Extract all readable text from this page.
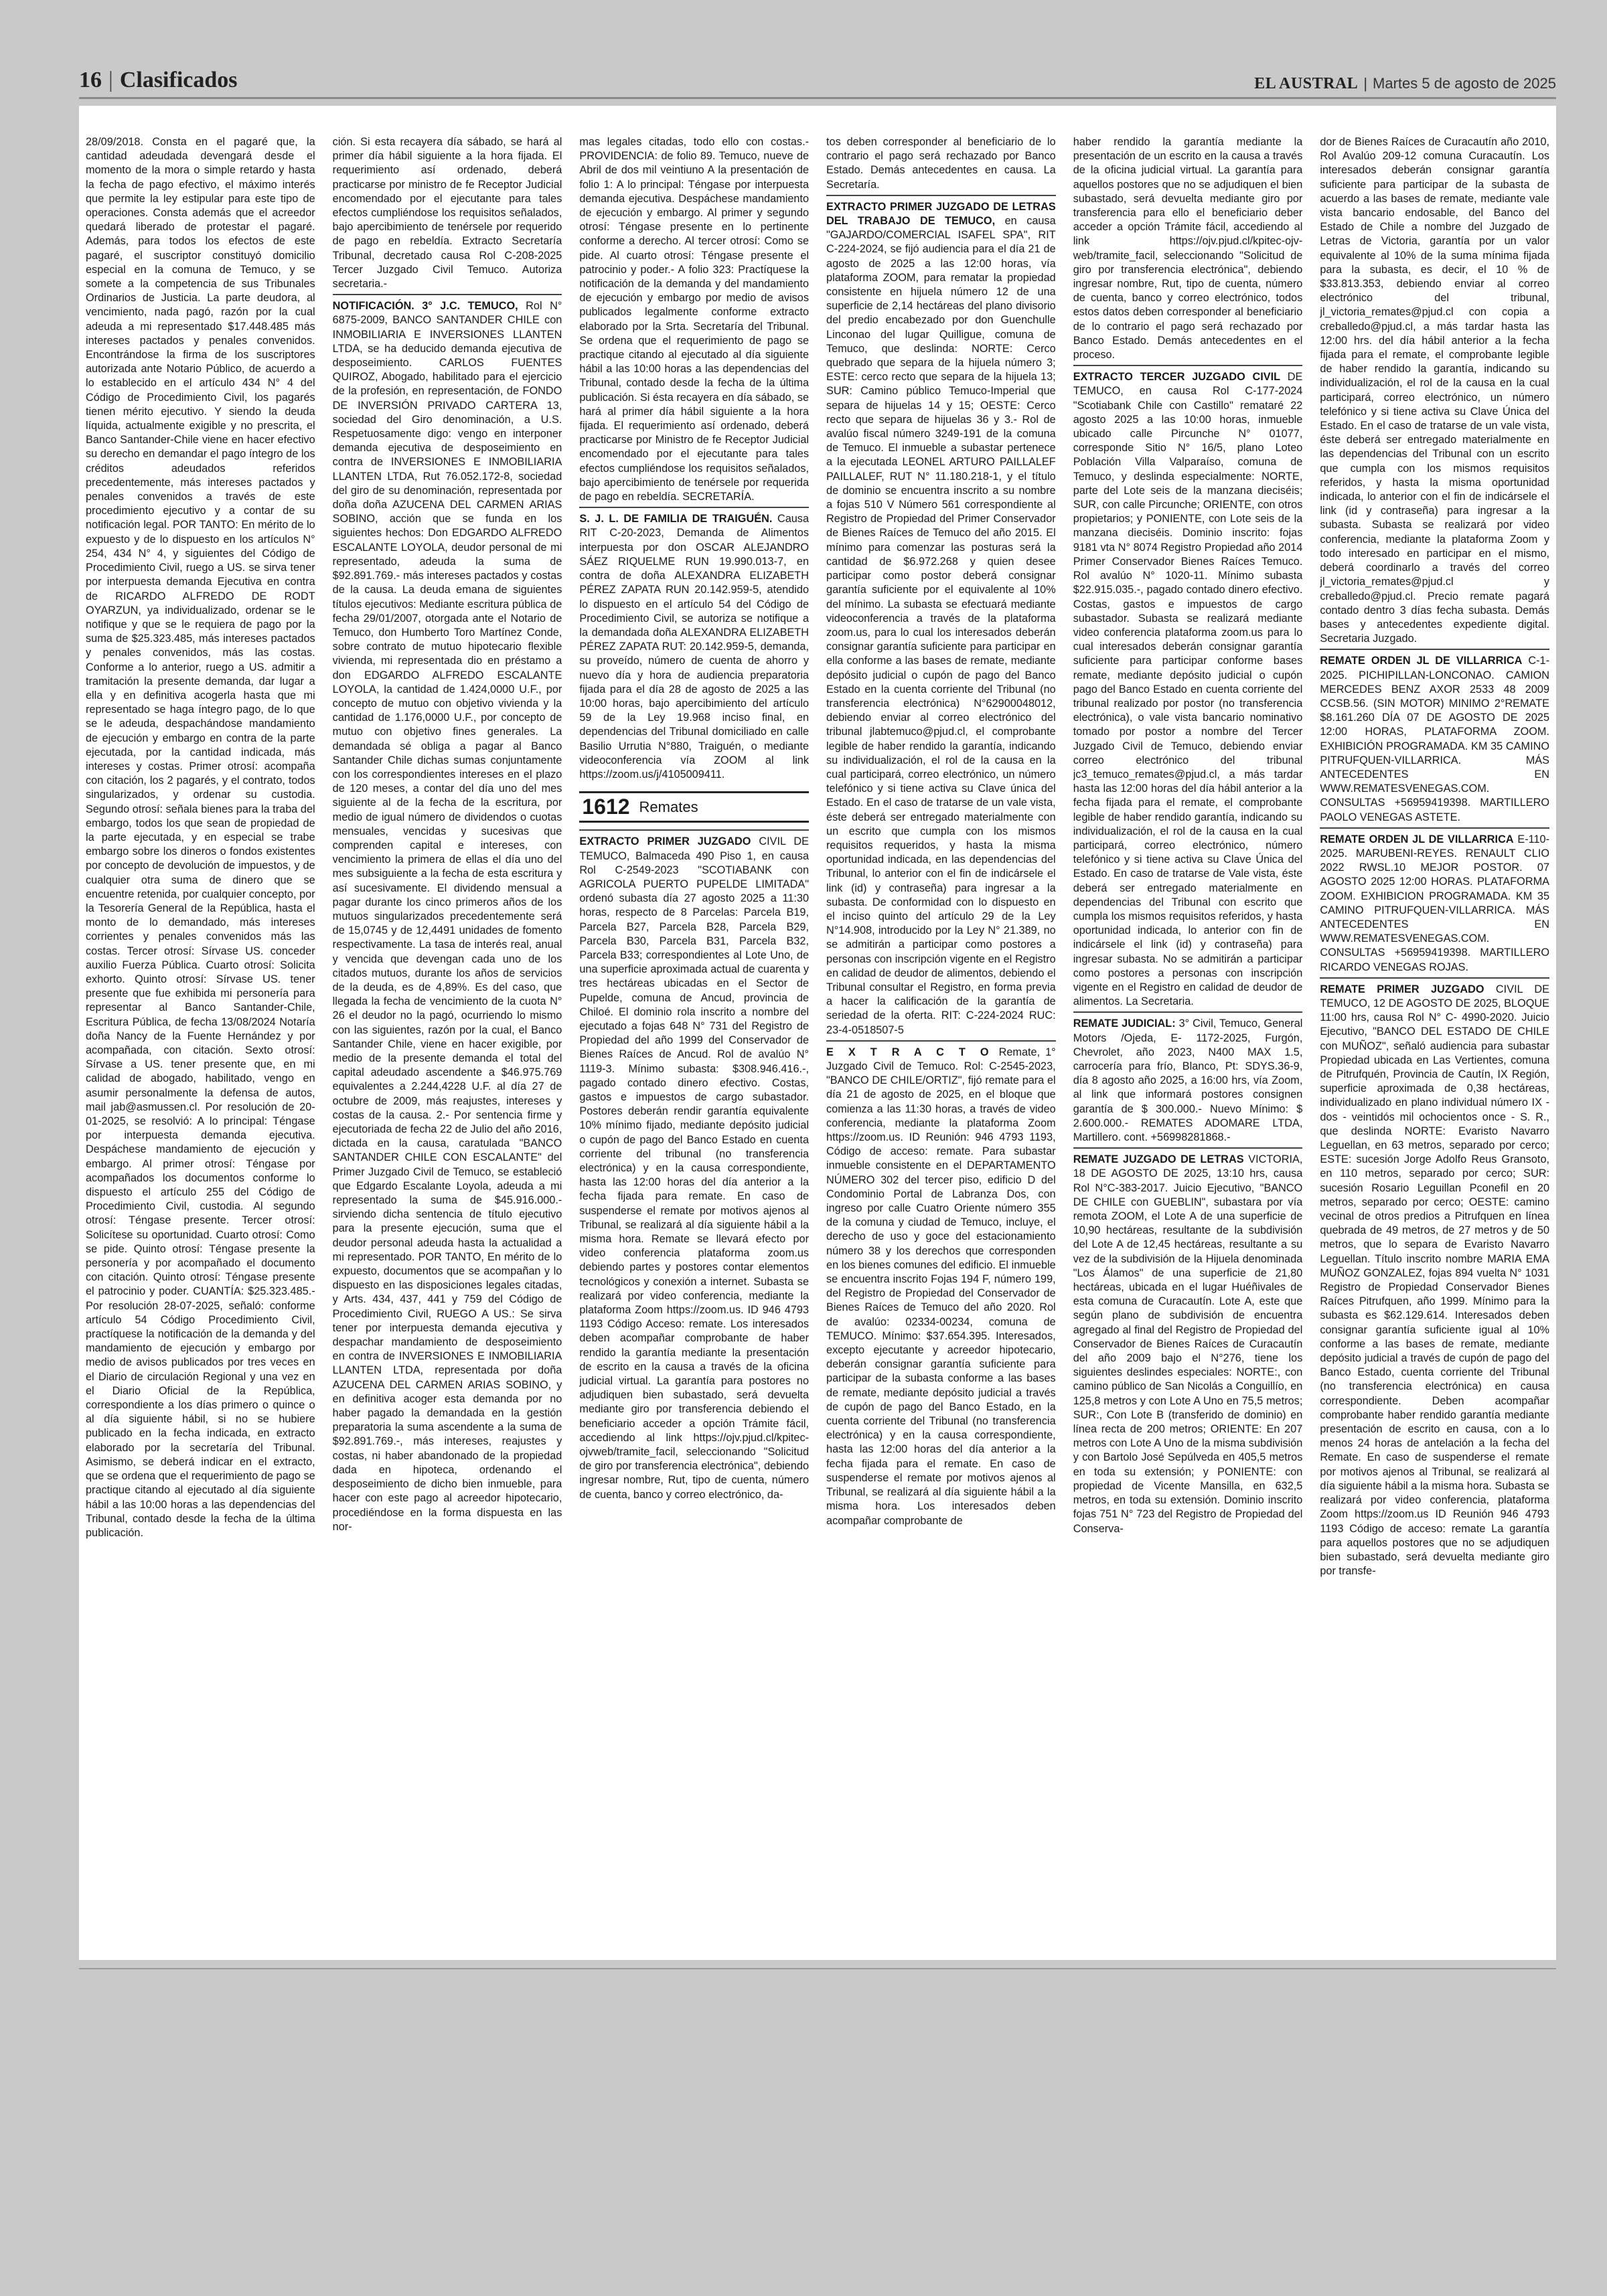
16 | Clasificados	EL AUSTRAL | Martes 5 de agosto de 2025

28/09/2018. Consta en el pagaré que, la cantidad adeudada devengará desde el momento de la mora o simple retardo y hasta la fecha de pago efectivo, el máximo interés que permite la ley estipular para este tipo de operaciones. Consta además que el acreedor quedará liberado de protestar el pagaré. Además, para todos los efectos de este pagaré, el suscriptor constituyó domicilio especial en la comuna de Temuco, y se somete a la competencia de sus Tribunales Ordinarios de Justicia. La parte deudora, al vencimiento, nada pagó, razón por la cual adeuda a mi representado $17.448.485 más intereses pactados y penales convenidos. Encontrándose la firma de los suscriptores autorizada ante Notario Público, de acuerdo a lo establecido en el artículo 434 N° 4 del Código de Procedimiento Civil, los pagarés tienen mérito ejecutivo. Y siendo la deuda líquida, actualmente exigible y no prescrita, el Banco Santander-Chile viene en hacer efectivo su derecho en demandar el pago íntegro de los créditos adeudados referidos precedentemente, más intereses pactados y penales convenidos a través de este procedimiento ejecutivo y a contar de su notificación legal. POR TANTO: En mérito de lo expuesto y de lo dispuesto en los artículos N° 254, 434 N° 4, y siguientes del Código de Procedimiento Civil, ruego a US. se sirva tener por interpuesta demanda Ejecutiva en contra de RICARDO ALFREDO DE RODT OYARZUN, ya individualizado, ordenar se le notifique y que se le requiera de pago por la suma de $25.323.485, más intereses pactados y penales convenidos, más las costas. Conforme a lo anterior, ruego a US. admitir a tramitación la presente demanda, dar lugar a ella y en definitiva acogerla hasta que mi representado se haga íntegro pago, de lo que se le adeuda, despachándose mandamiento de ejecución y embargo en contra de la parte ejecutada, por la cantidad indicada, más intereses y costas. Primer otrosí: acompaña con citación, los 2 pagarés, y el contrato, todos singularizados, y ordenar su custodia. Segundo otrosí: señala bienes para la traba del embargo, todos los que sean de propiedad de la parte ejecutada, y en especial se trabe embargo sobre los dineros o fondos existentes por concepto de devolución de impuestos, y de cualquier otra suma de dinero que se encuentre retenida, por cualquier concepto, por la Tesorería General de la República, hasta el monto de lo demandado, más intereses corrientes y penales convenidos más las costas. Tercer otrosí: Sírvase US. conceder auxilio Fuerza Pública. Cuarto otrosí: Solicita exhorto. Quinto otrosí: Sírvase US. tener presente que fue exhibida mi personería para representar al Banco Santander-Chile, Escritura Pública, de fecha 13/08/2024 Notaría doña Nancy de la Fuente Hernández y por acompañada, con citación. Sexto otrosí: Sírvase a US. tener presente que, en mi calidad de abogado, habilitado, vengo en asumir personalmente la defensa de autos, mail jab@asmussen.cl. Por resolución de 20-01-2025, se resolvió: A lo principal: Téngase por interpuesta demanda ejecutiva. Despáchese mandamiento de ejecución y embargo. Al primer otrosí: Téngase por acompañados los documentos conforme lo dispuesto el artículo 255 del Código de Procedimiento Civil, custodia. Al segundo otrosí: Téngase presente. Tercer otrosí: Solicítese su oportunidad. Cuarto otrosí: Como se pide. Quinto otrosí: Téngase presente la personería y por acompañado el documento con citación. Quinto otrosí: Téngase presente el patrocinio y poder. CUANTÍA: $25.323.485.- Por resolución 28-07-2025, señaló: conforme artículo 54 Código Procedimiento Civil, practíquese la notificación de la demanda y del mandamiento de ejecución y embargo por medio de avisos publicados por tres veces en el Diario de circulación Regional y una vez en el Diario Oficial de la República, correspondiente a los días primero o quince o al día siguiente hábil, si no se hubiere publicado en la fecha indicada, en extracto elaborado por la secretaría del Tribunal. Asimismo, se deberá indicar en el extracto, que se ordena que el requerimiento de pago se practique citando al ejecutado al día siguiente hábil a las 10:00 horas a las dependencias del Tribunal, contado desde la fecha de la última publicación.

ción. Si esta recayera día sábado, se hará al primer día hábil siguiente a la hora fijada. El requerimiento así ordenado, deberá practicarse por ministro de fe Receptor Judicial encomendado por el ejecutante para tales efectos cumpliéndose los requisitos señalados, bajo apercibimiento de tenérsele por requerido de pago en rebeldía. Extracto Secretaría Tribunal, decretado causa Rol C-208-2025 Tercer Juzgado Civil Temuco. Autoriza secretaria.-

NOTIFICACIÓN. 3° J.C. TEMUCO, Rol N° 6875-2009, BANCO SANTANDER CHILE con INMOBILIARIA E INVERSIONES LLANTEN LTDA, se ha deducido demanda ejecutiva de desposeimiento. CARLOS FUENTES QUIROZ, Abogado, habilitado para el ejercicio de la profesión, en representación, de FONDO DE INVERSIÓN PRIVADO CARTERA 13, sociedad del Giro denominación, a U.S. Respetuosamente digo: vengo en interponer demanda ejecutiva de desposeimiento en contra de INVERSIONES E INMOBILIARIA LLANTEN LTDA, Rut 76.052.172-8, sociedad del giro de su denominación, representada por doña doña AZUCENA DEL CARMEN ARIAS SOBINO, acción que se funda en los siguientes hechos: Don EDGARDO ALFREDO ESCALANTE LOYOLA, deudor personal de mi representado, adeuda la suma de $92.891.769.- más intereses pactados y costas de la causa. La deuda emana de siguientes títulos ejecutivos: Mediante escritura pública de fecha 29/01/2007, otorgada ante el Notario de Temuco, don Humberto Toro Martínez Conde, sobre contrato de mutuo hipotecario flexible vivienda, mi representada dio en préstamo a don EDGARDO ALFREDO ESCALANTE LOYOLA, la cantidad de 1.424,0000 U.F., por concepto de mutuo con objetivo vivienda y la cantidad de 1.176,0000 U.F., por concepto de mutuo con objetivo fines generales. La demandada sé obliga a pagar al Banco Santander Chile dichas sumas conjuntamente con los correspondientes intereses en el plazo de 120 meses, a contar del día uno del mes siguiente al de la fecha de la escritura, por medio de igual número de dividendos o cuotas mensuales, vencidas y sucesivas que comprenden capital e intereses, con vencimiento la primera de ellas el día uno del mes subsiguiente a la fecha de esta escritura y así sucesivamente. El dividendo mensual a pagar durante los cinco primeros años de los mutuos singularizados precedentemente será de 15,0745 y de 12,4491 unidades de fomento respectivamente. La tasa de interés real, anual y vencida que devengan cada uno de los citados mutuos, durante los años de servicios de la deuda, es de 4,89%. Es del caso, que llegada la fecha de vencimiento de la cuota N° 26 el deudor no la pagó, ocurriendo lo mismo con las siguientes, razón por la cual, el Banco Santander Chile, viene en hacer exigible, por medio de la presente demanda el total del capital adeudado ascendente a $46.975.769 equivalentes a 2.244,4228 U.F. al día 27 de octubre de 2009, más reajustes, intereses y costas de la causa. 2.- Por sentencia firme y ejecutoriada de fecha 22 de Julio del año 2016, dictada en la causa, caratulada "BANCO SANTANDER CHILE CON ESCALANTE" del Primer Juzgado Civil de Temuco, se estableció que Edgardo Escalante Loyola, adeuda a mi representado la suma de $45.916.000.- sirviendo dicha sentencia de título ejecutivo para la presente ejecución, suma que el deudor personal adeuda hasta la actualidad a mi representado. POR TANTO, En mérito de lo expuesto, documentos que se acompañan y lo dispuesto en las disposiciones legales citadas, y Arts. 434, 437, 441 y 759 del Código de Procedimiento Civil, RUEGO A US.: Se sirva tener por interpuesta demanda ejecutiva y despachar mandamiento de desposeimiento en contra de INVERSIONES E INMOBILIARIA LLANTEN LTDA, representada por doña AZUCENA DEL CARMEN ARIAS SOBINO, y en definitiva acoger esta demanda por no haber pagado la demandada en la gestión preparatoria la suma ascendente a la suma de $92.891.769.-, más intereses, reajustes y costas, ni haber abandonado de la propiedad dada en hipoteca, ordenando el desposeimiento de dicho bien inmueble, para hacer con este pago al acreedor hipotecario, procediéndose en la forma dispuesta en las nor-

mas legales citadas, todo ello con costas.- PROVIDENCIA: de folio 89. Temuco, nueve de Abril de dos mil veintiuno A la presentación de folio 1: A lo principal: Téngase por interpuesta demanda ejecutiva. Despáchese mandamiento de ejecución y embargo. Al primer y segundo otrosí: Téngase presente en lo pertinente conforme a derecho. Al tercer otrosí: Como se pide. Al cuarto otrosí: Téngase presente el patrocinio y poder.- A folio 323: Practíquese la notificación de la demanda y del mandamiento de ejecución y embargo por medio de avisos publicados legalmente conforme extracto elaborado por la Srta. Secretaría del Tribunal. Se ordena que el requerimiento de pago se practique citando al ejecutado al día siguiente hábil a las 10:00 horas a las dependencias del Tribunal, contado desde la fecha de la última publicación. Si ésta recayera en día sábado, se hará al primer día hábil siguiente a la hora fijada. El requerimiento así ordenado, deberá practicarse por Ministro de fe Receptor Judicial encomendado por el ejecutante para tales efectos cumpliéndose los requisitos señalados, bajo apercibimiento de tenérsele por requerida de pago en rebeldía. SECRETARÍA.

S. J. L. DE FAMILIA DE TRAIGUÉN. Causa RIT C-20-2023, Demanda de Alimentos interpuesta por don OSCAR ALEJANDRO SÁEZ RIQUELME RUN 19.990.013-7, en contra de doña ALEXANDRA ELIZABETH PÉREZ ZAPATA RUN 20.142.959-5, atendido lo dispuesto en el artículo 54 del Código de Procedimiento Civil, se autoriza se notifique a la demandada doña ALEXANDRA ELIZABETH PÉREZ ZAPATA RUT: 20.142.959-5, demanda, su proveído, número de cuenta de ahorro y nuevo día y hora de audiencia preparatoria fijada para el día 28 de agosto de 2025 a las 10:00 horas, bajo apercibimiento del artículo 59 de la Ley 19.968 inciso final, en dependencias del Tribunal domiciliado en calle Basilio Urrutia N°880, Traiguén, o mediante videoconferencia vía ZOOM al link https://zoom.us/j/4105009411.

1612 Remates

EXTRACTO PRIMER JUZGADO CIVIL DE TEMUCO, Balmaceda 490 Piso 1, en causa Rol C-2549-2023 "SCOTIABANK con AGRICOLA PUERTO PUPELDE LIMITADA" ordenó subasta día 27 agosto 2025 a 11:30 horas, respecto de 8 Parcelas: Parcela B19, Parcela B27, Parcela B28, Parcela B29, Parcela B30, Parcela B31, Parcela B32, Parcela B33; correspondientes al Lote Uno, de una superficie aproximada actual de cuarenta y tres hectáreas ubicadas en el Sector de Pupelde, comuna de Ancud, provincia de Chiloé. El dominio rola inscrito a nombre del ejecutado a fojas 648 N° 731 del Registro de Propiedad del año 1999 del Conservador de Bienes Raíces de Ancud. Rol de avalúo N° 1119-3. Mínimo subasta: $308.946.416.-, pagado contado dinero efectivo. Costas, gastos e impuestos de cargo subastador. Postores deberán rendir garantía equivalente 10% mínimo fijado, mediante depósito judicial o cupón de pago del Banco Estado en cuenta corriente del tribunal (no transferencia electrónica) y en la causa correspondiente, hasta las 12:00 horas del día anterior a la fecha fijada para remate. En caso de suspenderse el remate por motivos ajenos al Tribunal, se realizará al día siguiente hábil a la misma hora. Remate se llevará efecto por video conferencia plataforma zoom.us debiendo partes y postores contar elementos tecnológicos y conexión a internet. Subasta se realizará por video conferencia, mediante la plataforma Zoom https://zoom.us. ID 946 4793 1193 Código Acceso: remate. Los interesados deben acompañar comprobante de haber rendido la garantía mediante la presentación de escrito en la causa a través de la oficina judicial virtual. La garantía para postores no adjudiquen bien subastado, será devuelta mediante giro por transferencia debiendo el beneficiario acceder a opción Trámite fácil, accediendo al link https://ojv.pjud.cl/kpitec-ojvweb/tramite_facil, seleccionando "Solicitud de giro por transferencia electrónica", debiendo ingresar nombre, Rut, tipo de cuenta, número de cuenta, banco y correo electrónico, da-

tos deben corresponder al beneficiario de lo contrario el pago será rechazado por Banco Estado. Demás antecedentes en causa. La Secretaría.

EXTRACTO PRIMER JUZGADO DE LETRAS DEL TRABAJO DE TEMUCO, en causa "GAJARDO/COMERCIAL ISAFEL SPA", RIT C-224-2024, se fijó audiencia para el día 21 de agosto de 2025 a las 12:00 horas, vía plataforma ZOOM, para rematar la propiedad consistente en hijuela número 12 de una superficie de 2,14 hectáreas del plano divisorio del predio encabezado por don Guenchulle Linconao del lugar Quilligue, comuna de Temuco, que deslinda: NORTE: Cerco quebrado que separa de la hijuela número 3; ESTE: cerco recto que separa de la hijuela 13; SUR: Camino público Temuco-Imperial que separa de hijuelas 14 y 15; OESTE: Cerco recto que separa de hijuelas 36 y 3.- Rol de avalúo fiscal número 3249-191 de la comuna de Temuco. El inmueble a subastar pertenece a la ejecutada LEONEL ARTURO PAILLALEF PAILLALEF, RUT N° 11.180.218-1, y el título de dominio se encuentra inscrito a su nombre a fojas 510 V Número 561 correspondiente al Registro de Propiedad del Primer Conservador de Bienes Raíces de Temuco del año 2015. El mínimo para comenzar las posturas será la cantidad de $6.972.268 y quien desee participar como postor deberá consignar garantía suficiente por el equivalente al 10% del mínimo. La subasta se efectuará mediante videoconferencia a través de la plataforma zoom.us, para lo cual los interesados deberán consignar garantía suficiente para participar en ella conforme a las bases de remate, mediante depósito judicial o cupón de pago del Banco Estado en la cuenta corriente del Tribunal (no transferencia electrónica) N°62900048012, debiendo enviar al correo electrónico del tribunal jlabtemuco@pjud.cl, el comprobante legible de haber rendido la garantía, indicando su individualización, el rol de la causa en la cual participará, correo electrónico, un número telefónico y si tiene activa su Clave única del Estado. En el caso de tratarse de un vale vista, éste deberá ser entregado materialmente con un escrito que cumpla con los mismos requisitos requeridos, y hasta la misma oportunidad indicada, en las dependencias del Tribunal, lo anterior con el fin de indicársele el link (id) y contraseña) para ingresar a la subasta. De conformidad con lo dispuesto en el inciso quinto del artículo 29 de la Ley N°14.908, introducido por la Ley N° 21.389, no se admitirán a participar como postores a personas con inscripción vigente en el Registro en calidad de deudor de alimentos, debiendo el Tribunal consultar el Registro, en forma previa a hacer la calificación de la garantía de seriedad de la oferta. RIT: C-224-2024 RUC: 23-4-0518507-5

E X T R A C T O Remate, 1° Juzgado Civil de Temuco. Rol: C-2545-2023, "BANCO DE CHILE/ORTIZ", fijó remate para el día 21 de agosto de 2025, en el bloque que comienza a las 11:30 horas, a través de video conferencia, mediante la plataforma Zoom https://zoom.us. ID Reunión: 946 4793 1193, Código de acceso: remate. Para subastar inmueble consistente en el DEPARTAMENTO NÚMERO 302 del tercer piso, edificio D del Condominio Portal de Labranza Dos, con ingreso por calle Cuatro Oriente número 355 de la comuna y ciudad de Temuco, incluye, el derecho de uso y goce del estacionamiento número 38 y los derechos que corresponden en los bienes comunes del edificio. El inmueble se encuentra inscrito Fojas 194 F, número 199, del Registro de Propiedad del Conservador de Bienes Raíces de Temuco del año 2020. Rol de avalúo: 02334-00234, comuna de TEMUCO. Mínimo: $37.654.395. Interesados, excepto ejecutante y acreedor hipotecario, deberán consignar garantía suficiente para participar de la subasta conforme a las bases de remate, mediante depósito judicial a través de cupón de pago del Banco Estado, en la cuenta corriente del Tribunal (no transferencia electrónica) y en la causa correspondiente, hasta las 12:00 horas del día anterior a la fecha fijada para el remate. En caso de suspenderse el remate por motivos ajenos al Tribunal, se realizará al día siguiente hábil a la misma hora. Los interesados deben acompañar comprobante de

haber rendido la garantía mediante la presentación de un escrito en la causa a través de la oficina judicial virtual. La garantía para aquellos postores que no se adjudiquen el bien subastado, será devuelta mediante giro por transferencia para ello el beneficiario deber acceder a opción Trámite fácil, accediendo al link https://ojv.pjud.cl/kpitec-ojv-web/tramite_facil, seleccionando "Solicitud de giro por transferencia electrónica", debiendo ingresar nombre, Rut, tipo de cuenta, número de cuenta, banco y correo electrónico, todos estos datos deben corresponder al beneficiario de lo contrario el pago será rechazado por Banco Estado. Demás antecedentes en el proceso.

EXTRACTO TERCER JUZGADO CIVIL DE TEMUCO, en causa Rol C-177-2024 "Scotiabank Chile con Castillo" remataré 22 agosto 2025 a las 10:00 horas, inmueble ubicado calle Pircunche N° 01077, corresponde Sitio N° 16/5, plano Loteo Población Villa Valparaíso, comuna de Temuco, y deslinda especialmente: NORTE, parte del Lote seis de la manzana dieciséis; SUR, con calle Pircunche; ORIENTE, con otros propietarios; y PONIENTE, con Lote seis de la manzana dieciséis. Dominio inscrito: fojas 9181 vta N° 8074 Registro Propiedad año 2014 Primer Conservador Bienes Raíces Temuco. Rol avalúo N° 1020-11. Mínimo subasta $22.915.035.-, pagado contado dinero efectivo. Costas, gastos e impuestos de cargo subastador. Subasta se realizará mediante video conferencia plataforma zoom.us para lo cual interesados deberán consignar garantía suficiente para participar conforme bases remate, mediante depósito judicial o cupón pago del Banco Estado en cuenta corriente del tribunal realizado por postor (no transferencia electrónica), o vale vista bancario nominativo tomado por postor a nombre del Tercer Juzgado Civil de Temuco, debiendo enviar correo electrónico del tribunal jc3_temuco_remates@pjud.cl, a más tardar hasta las 12:00 horas del día hábil anterior a la fecha fijada para el remate, el comprobante legible de haber rendido garantía, indicando su individualización, el rol de la causa en la cual participará, correo electrónico, número telefónico y si tiene activa su Clave Única del Estado. En caso de tratarse de Vale vista, éste deberá ser entregado materialmente en dependencias del Tribunal con escrito que cumpla los mismos requisitos referidos, y hasta oportunidad indicada, lo anterior con fin de indicársele el link (id) y contraseña) para ingresar subasta. No se admitirán a participar como postores a personas con inscripción vigente en el Registro en calidad de deudor de alimentos. La Secretaria.

REMATE JUDICIAL: 3° Civil, Temuco, General Motors /Ojeda, E- 1172-2025, Furgón, Chevrolet, año 2023, N400 MAX 1.5, carrocería para frío, Blanco, Pt: SDYS.36-9, día 8 agosto año 2025, a 16:00 hrs, vía Zoom, al link que informará postores consignen garantía de $ 300.000.- Nuevo Mínimo: $ 2.600.000.- REMATES ADOMARE LTDA, Martillero. cont. +56998281868.-

REMATE JUZGADO DE LETRAS VICTORIA, 18 DE AGOSTO DE 2025, 13:10 hrs, causa Rol N°C-383-2017. Juicio Ejecutivo, "BANCO DE CHILE con GUEBLIN", subastara por vía remota ZOOM, el Lote A de una superficie de 10,90 hectáreas, resultante de la subdivisión del Lote A de 12,45 hectáreas, resultante a su vez de la subdivisión de la Hijuela denominada "Los Álamos" de una superficie de 21,80 hectáreas, ubicada en el lugar Huéñivales de esta comuna de Curacautín. Lote A, este que según plano de subdivisión de encuentra agregado al final del Registro de Propiedad del Conservador de Bienes Raíces de Curacautín del año 2009 bajo el N°276, tiene los siguientes deslindes especiales: NORTE:, con camino público de San Nicolás a Conguillío, en 125,8 metros y con Lote A Uno en 75,5 metros; SUR:, Con Lote B (transferido de dominio) en línea recta de 200 metros; ORIENTE: En 207 metros con Lote A Uno de la misma subdivisión y con Bartolo José Sepúlveda en 405,5 metros en toda su extensión; y PONIENTE: con propiedad de Vicente Mansilla, en 632,5 metros, en toda su extensión. Dominio inscrito fojas 751 N° 723 del Registro de Propiedad del Conserva-

dor de Bienes Raíces de Curacautín año 2010, Rol Avalúo 209-12 comuna Curacautín. Los interesados deberán consignar garantía suficiente para participar de la subasta de acuerdo a las bases de remate, mediante vale vista bancario endosable, del Banco del Estado de Chile a nombre del Juzgado de Letras de Victoria, garantía por un valor equivalente al 10% de la suma mínima fijada para la subasta, es decir, el 10 % de $33.813.353, debiendo enviar al correo electrónico del tribunal, jl_victoria_remates@pjud.cl con copia a creballedo@pjud.cl, a más tardar hasta las 12:00 hrs. del día hábil anterior a la fecha fijada para el remate, el comprobante legible de haber rendido la garantía, indicando su individualización, el rol de la causa en la cual participará, correo electrónico, un número telefónico y si tiene activa su Clave Única del Estado. En el caso de tratarse de un vale vista, éste deberá ser entregado materialmente en las dependencias del Tribunal con un escrito que cumpla con los mismos requisitos referidos, y hasta la misma oportunidad indicada, lo anterior con el fin de indicársele el link (id y contraseña) para ingresar a la subasta. Subasta se realizará por video conferencia, mediante la plataforma Zoom y todo interesado en participar en el mismo, deberá coordinarlo a través del correo jl_victoria_remates@pjud.cl y creballedo@pjud.cl. Precio remate pagará contado dentro 3 días fecha subasta. Demás bases y antecedentes expediente digital. Secretaria Juzgado.

REMATE ORDEN JL DE VILLARRICA C-1-2025. PICHIPILLAN-LONCONAO. CAMION MERCEDES BENZ AXOR 2533 48 2009 CCSB.56. (SIN MOTOR) MINIMO 2°REMATE $8.161.260 DÍA 07 DE AGOSTO DE 2025 12:00 HORAS, PLATAFORMA ZOOM. EXHIBICIÓN PROGRAMADA. KM 35 CAMINO PITRUFQUEN-VILLARRICA. MÁS ANTECEDENTES EN WWW.REMATESVENEGAS.COM. CONSULTAS +56959419398. MARTILLERO PAOLO VENEGAS ASTETE.

REMATE ORDEN JL DE VILLARRICA E-110-2025. MARUBENI-REYES. RENAULT CLIO 2022 RWSL.10 MEJOR POSTOR. 07 AGOSTO 2025 12:00 HORAS. PLATAFORMA ZOOM. EXHIBICION PROGRAMADA. KM 35 CAMINO PITRUFQUEN-VILLARRICA. MÁS ANTECEDENTES EN WWW.REMATESVENEGAS.COM. CONSULTAS +56959419398. MARTILLERO RICARDO VENEGAS ROJAS.

REMATE PRIMER JUZGADO CIVIL DE TEMUCO, 12 DE AGOSTO DE 2025, BLOQUE 11:00 hrs, causa Rol N° C- 4990-2020. Juicio Ejecutivo, "BANCO DEL ESTADO DE CHILE con MUÑOZ", señaló audiencia para subastar Propiedad ubicada en Las Vertientes, comuna de Pitrufquén, Provincia de Cautín, IX Región, superficie aproximada de 0,38 hectáreas, individualizado en plano individual número IX - dos - veintidós mil ochocientos once - S. R., que deslinda NORTE: Evaristo Navarro Leguellan, en 63 metros, separado por cerco; ESTE: sucesión Jorge Adolfo Reus Gransoto, en 110 metros, separado por cerco; SUR: sucesión Rosario Leguillan Pconefil en 20 metros, separado por cerco; OESTE: camino vecinal de otros predios a Pitrufquen en línea quebrada de 49 metros, de 27 metros y de 50 metros, que lo separa de Evaristo Navarro Leguellan. Título inscrito nombre MARIA EMA MUÑOZ GONZALEZ, fojas 894 vuelta N° 1031 Registro de Propiedad Conservador Bienes Raíces Pitrufquen, año 1999. Mínimo para la subasta es $62.129.614. Interesados deben consignar garantía suficiente igual al 10% conforme a las bases de remate, mediante depósito judicial a través de cupón de pago del Banco Estado, cuenta corriente del Tribunal (no transferencia electrónica) en causa correspondiente. Deben acompañar comprobante haber rendido garantía mediante presentación de escrito en causa, con a lo menos 24 horas de antelación a la fecha del Remate. En caso de suspenderse el remate por motivos ajenos al Tribunal, se realizará al día siguiente hábil a la misma hora. Subasta se realizará por video conferencia, plataforma Zoom https://zoom.us ID Reunión 946 4793 1193 Código de acceso: remate La garantía para aquellos postores que no se adjudiquen bien subastado, será devuelta mediante giro por transfe-
